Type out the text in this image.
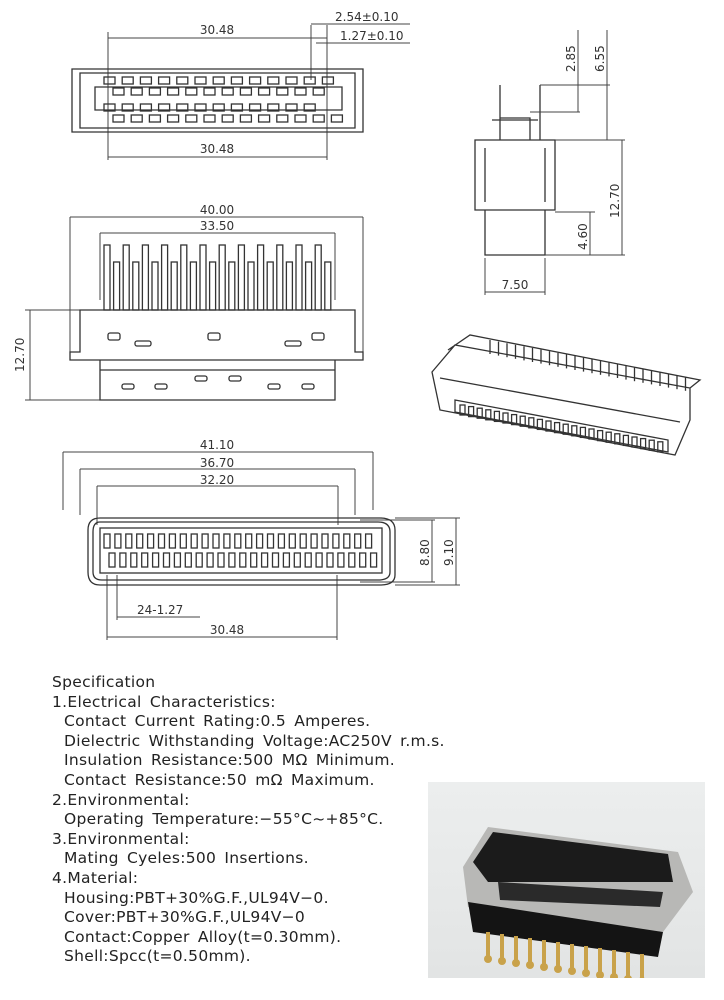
30.48
2.54±0.10
1.27±0.10
30.48
2.85 6.55
12.70
4.60
7.50
40.00
33.50
12.70
41.10
36.70
32.20
8.80 9.10
24-1.27
30.48
Specification
1.Electrical Characteristics:
Contact Current Rating:0.5 Amperes.
Dielectric Withstanding Voltage:AC250V r.m.s.
Insulation Resistance:500 MΩ Minimum.
Contact Resistance:50 mΩ Maximum.
2.Environmental:
Operating Temperature:−55°C~+85°C.
3.Environmental:
Mating Cyeles:500 Insertions.
4.Material:
Housing:PBT+30%G.F.,UL94V−0.
Cover:PBT+30%G.F.,UL94V−0
Contact:Copper Alloy(t=0.30mm).
Shell:Spcc(t=0.50mm).
